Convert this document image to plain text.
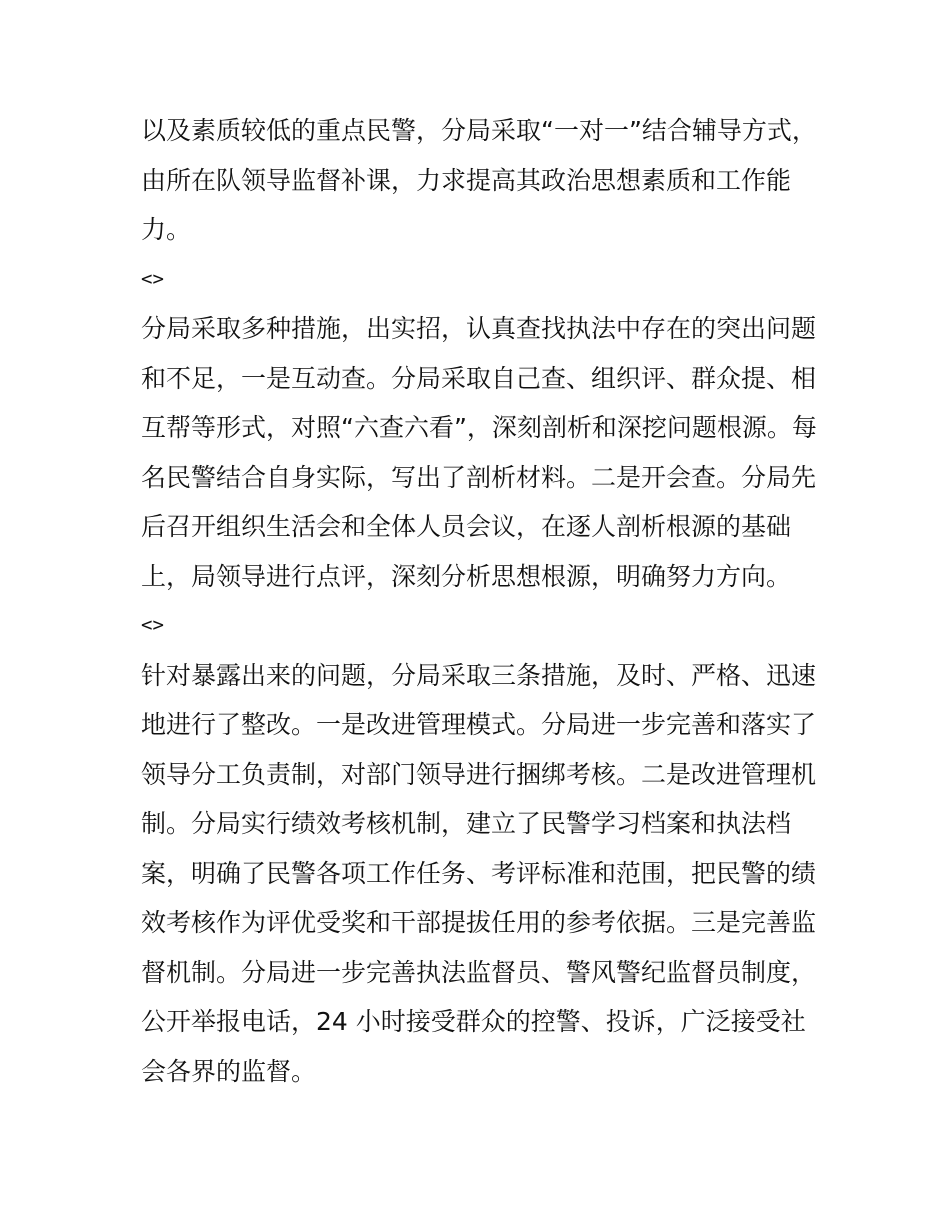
以及素质较低的重点民警，分局采取“一对一”结合辅导方式，
由所在队领导监督补课，力求提高其政治思想素质和工作能
力。
<>
分局采取多种措施，出实招，认真查找执法中存在的突出问题
和不足，一是互动查。分局采取自己查、组织评、群众提、相
互帮等形式，对照“六查六看”，深刻剖析和深挖问题根源。每
名民警结合自身实际，写出了剖析材料。二是开会查。分局先
后召开组织生活会和全体人员会议，在逐人剖析根源的基础
上，局领导进行点评，深刻分析思想根源，明确努力方向。
<>
针对暴露出来的问题，分局采取三条措施，及时、严格、迅速
地进行了整改。一是改进管理模式。分局进一步完善和落实了
领导分工负责制，对部门领导进行捆绑考核。二是改进管理机
制。分局实行绩效考核机制，建立了民警学习档案和执法档
案，明确了民警各项工作任务、考评标准和范围，把民警的绩
效考核作为评优受奖和干部提拔任用的参考依据。三是完善监
督机制。分局进一步完善执法监督员、警风警纪监督员制度，
公开举报电话，24 小时接受群众的控警、投诉，广泛接受社
会各界的监督。
